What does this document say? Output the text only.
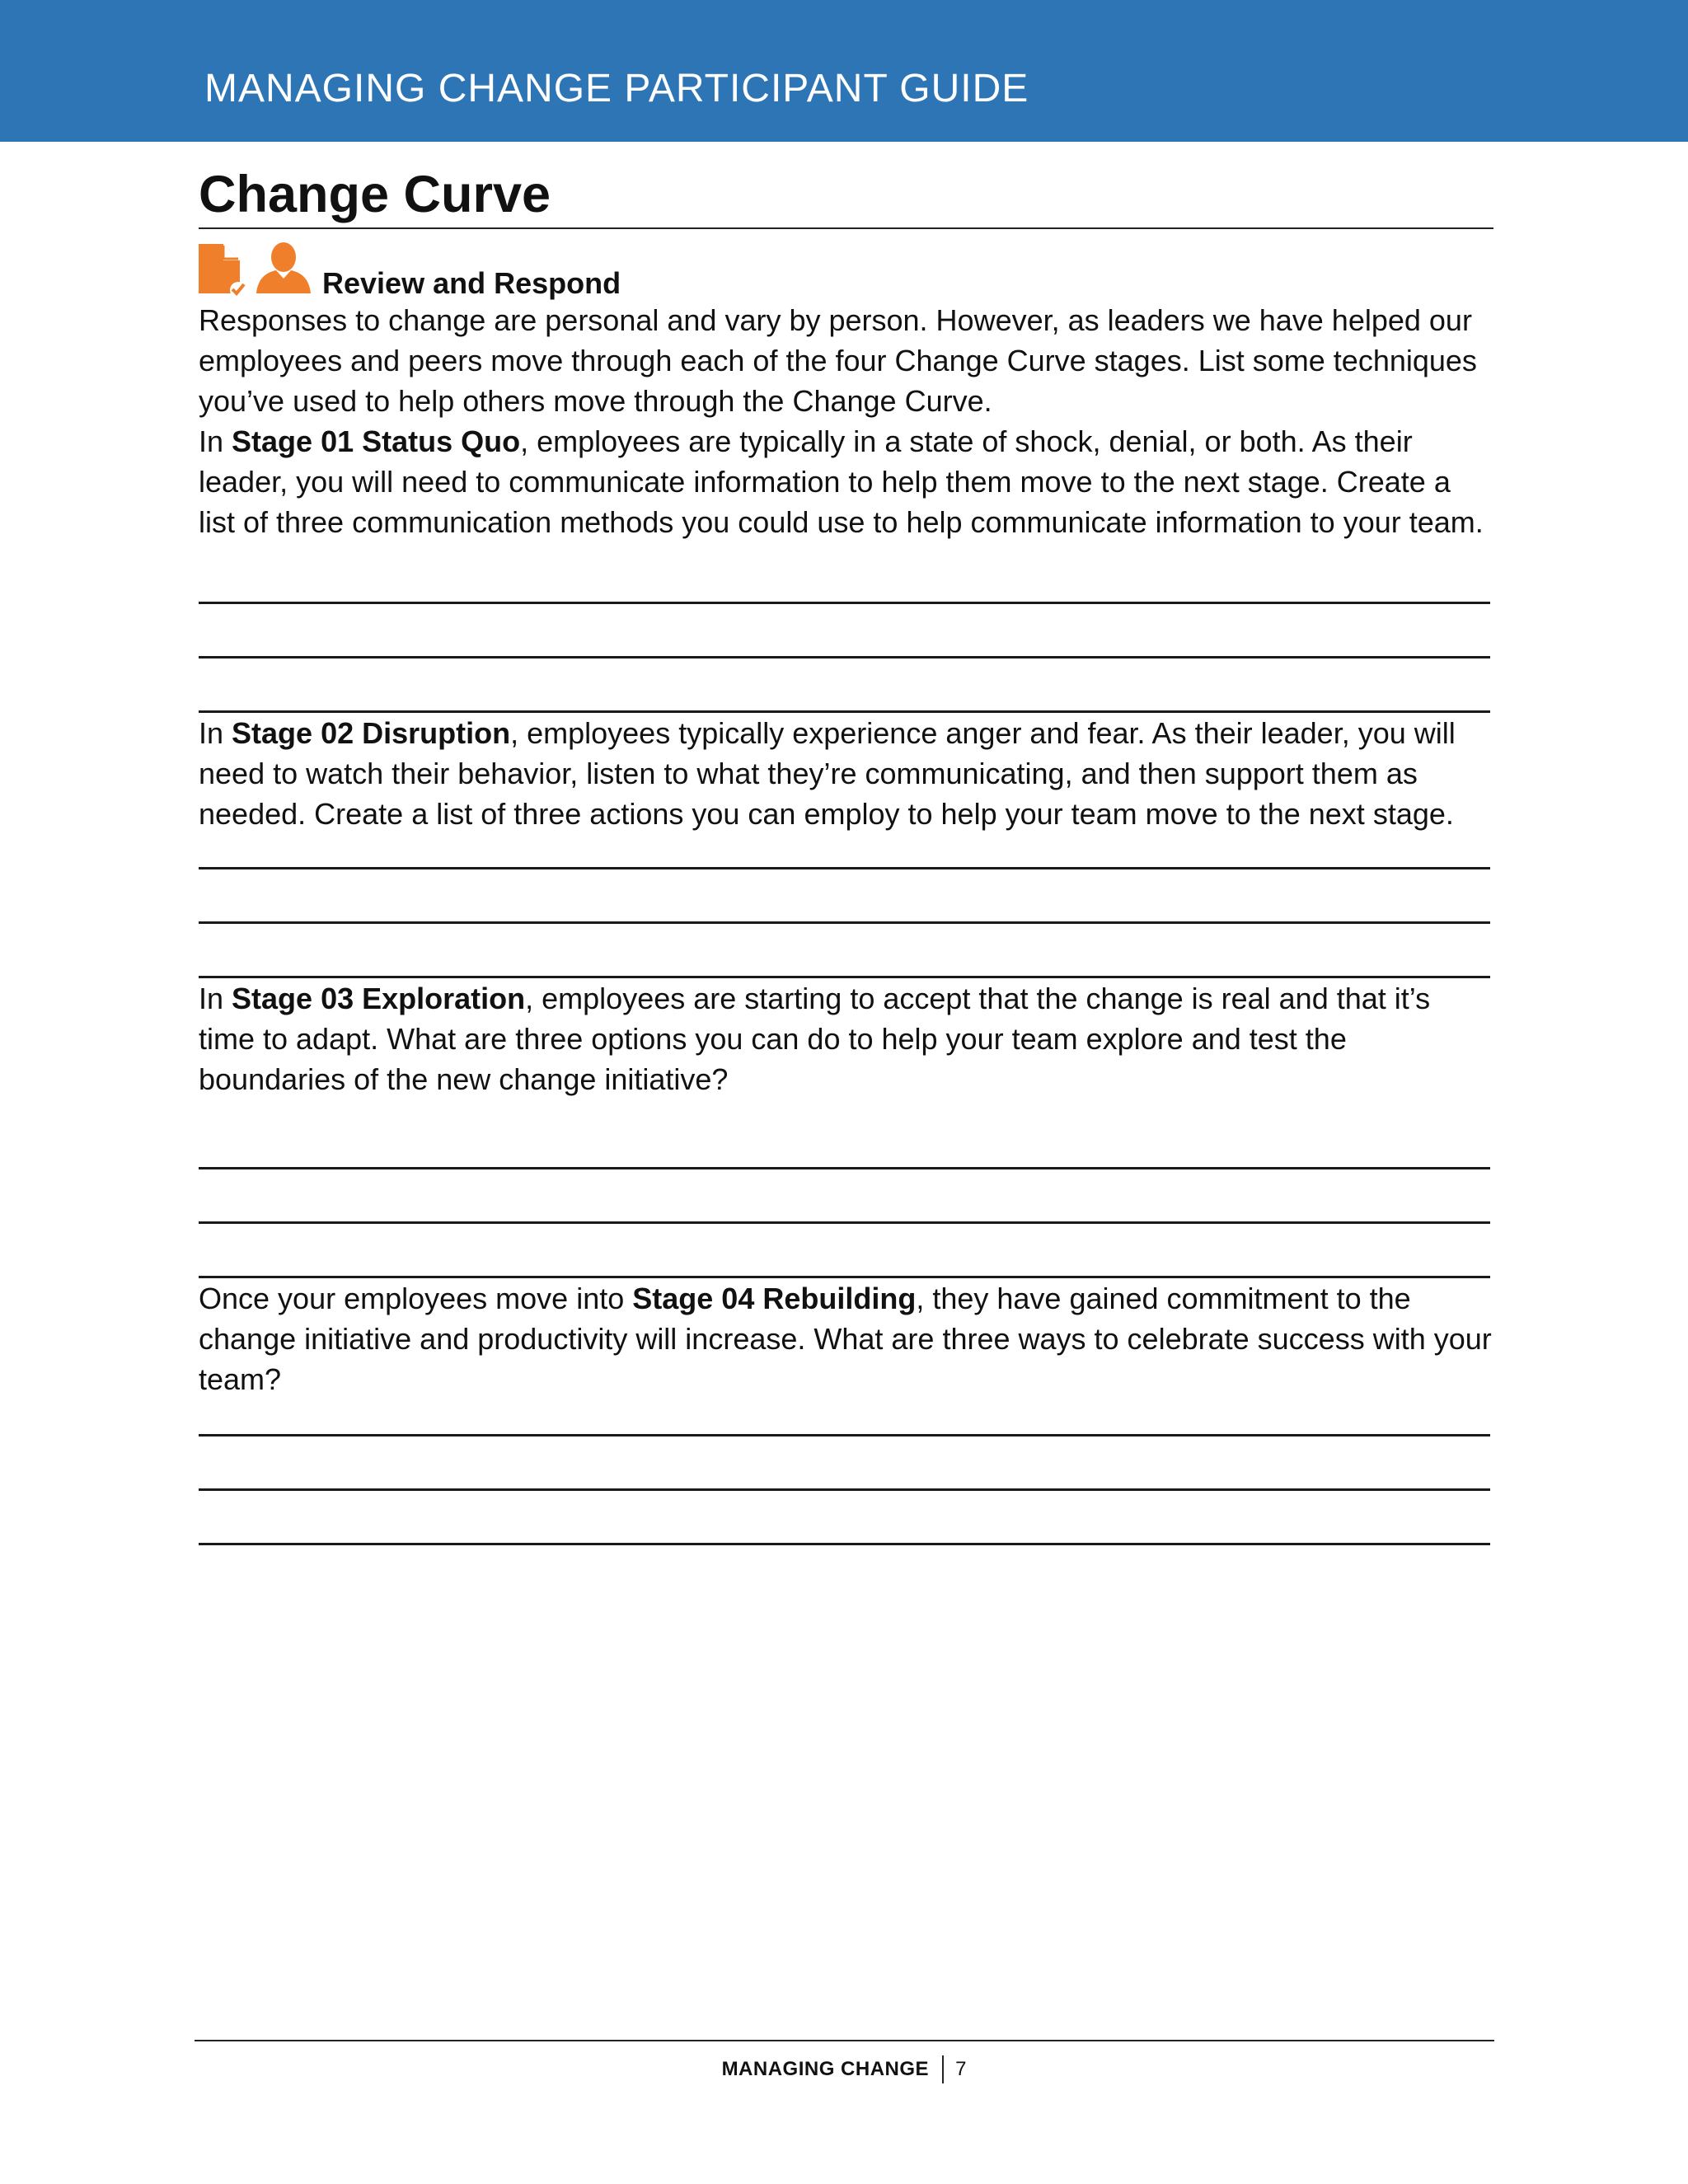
MANAGING CHANGE PARTICIPANT GUIDE
Change Curve
Review and Respond

Responses to change are personal and vary by person. However, as leaders we have helped our employees and peers move through each of the four Change Curve stages. List some techniques you’ve used to help others move through the Change Curve.

In Stage 01 Status Quo, employees are typically in a state of shock, denial, or both. As their leader, you will need to communicate information to help them move to the next stage. Create a list of three communication methods you could use to help communicate information to your team.

In Stage 02 Disruption, employees typically experience anger and fear. As their leader, you will need to watch their behavior, listen to what they’re communicating, and then support them as needed. Create a list of three actions you can employ to help your team move to the next stage.

In Stage 03 Exploration, employees are starting to accept that the change is real and that it’s time to adapt. What are three options you can do to help your team explore and test the boundaries of the new change initiative?

Once your employees move into Stage 04 Rebuilding, they have gained commitment to the change initiative and productivity will increase. What are three ways to celebrate success with your team?

MANAGING CHANGE 7
